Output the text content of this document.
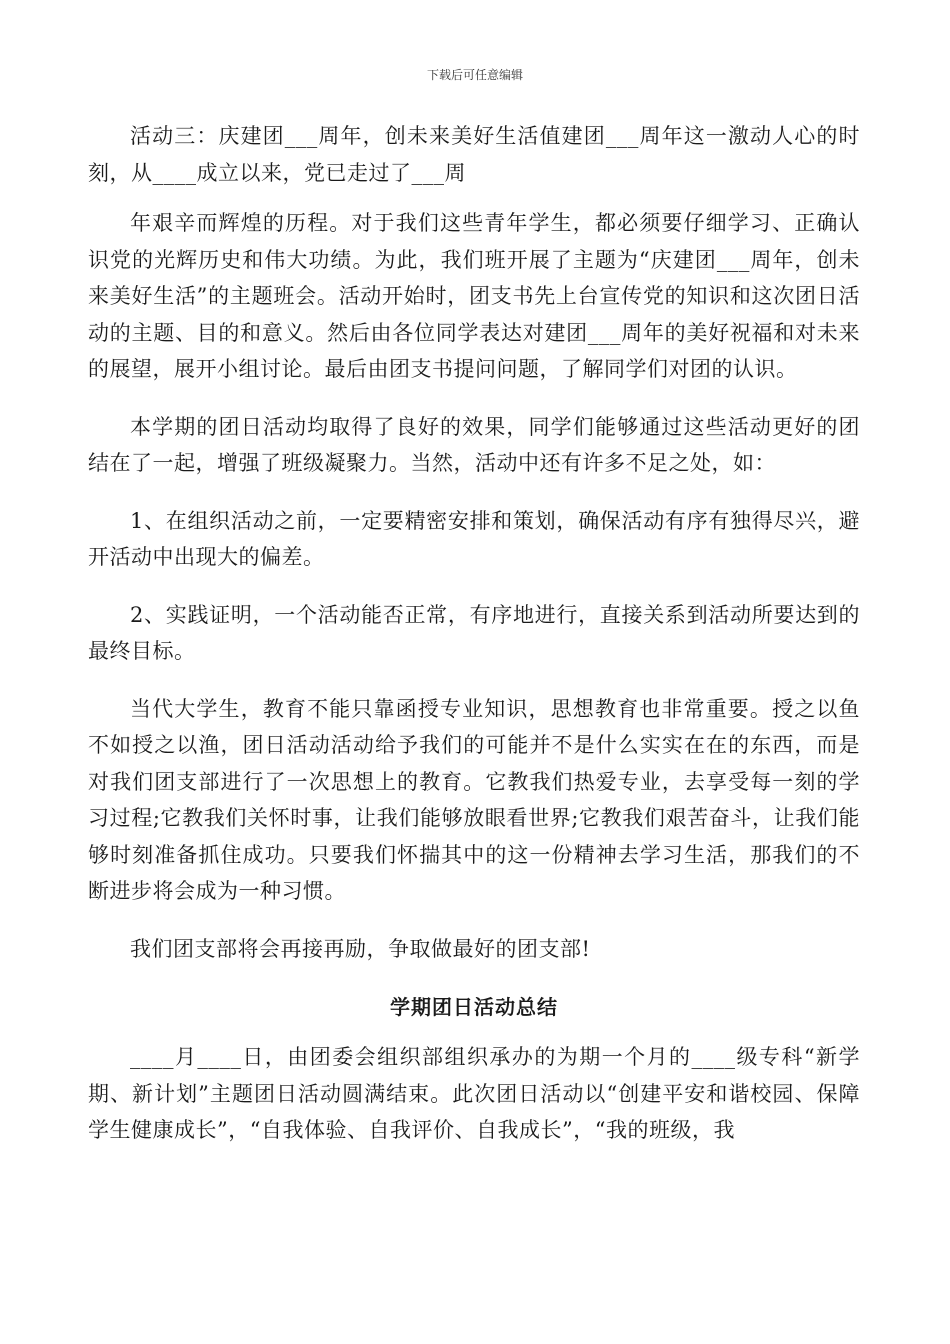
下载后可任意编辑

活动三：庆建团___周年，创未来美好生活值建团___周年这一激动人心的时刻，从____成立以来，党已走过了___周

年艰辛而辉煌的历程。对于我们这些青年学生，都必须要仔细学习、正确认识党的光辉历史和伟大功绩。为此，我们班开展了主题为“庆建团___周年，创未来美好生活”的主题班会。活动开始时，团支书先上台宣传党的知识和这次团日活动的主题、目的和意义。然后由各位同学表达对建团___周年的美好祝福和对未来的展望，展开小组讨论。最后由团支书提问问题，了解同学们对团的认识。

本学期的团日活动均取得了良好的效果，同学们能够通过这些活动更好的团结在了一起，增强了班级凝聚力。当然，活动中还有许多不足之处，如：

1、在组织活动之前，一定要精密安排和策划，确保活动有序有独得尽兴，避开活动中出现大的偏差。

2、实践证明，一个活动能否正常，有序地进行，直接关系到活动所要达到的最终目标。

当代大学生，教育不能只靠函授专业知识，思想教育也非常重要。授之以鱼不如授之以渔，团日活动活动给予我们的可能并不是什么实实在在的东西，而是对我们团支部进行了一次思想上的教育。它教我们热爱专业，去享受每一刻的学习过程;它教我们关怀时事，让我们能够放眼看世界;它教我们艰苦奋斗，让我们能够时刻准备抓住成功。只要我们怀揣其中的这一份精神去学习生活，那我们的不断进步将会成为一种习惯。

我们团支部将会再接再励，争取做最好的团支部!

学期团日活动总结

____月____日，由团委会组织部组织承办的为期一个月的____级专科“新学期、新计划”主题团日活动圆满结束。此次团日活动以“创建平安和谐校园、保障学生健康成长”，“自我体验、自我评价、自我成长”，“我的班级，我
